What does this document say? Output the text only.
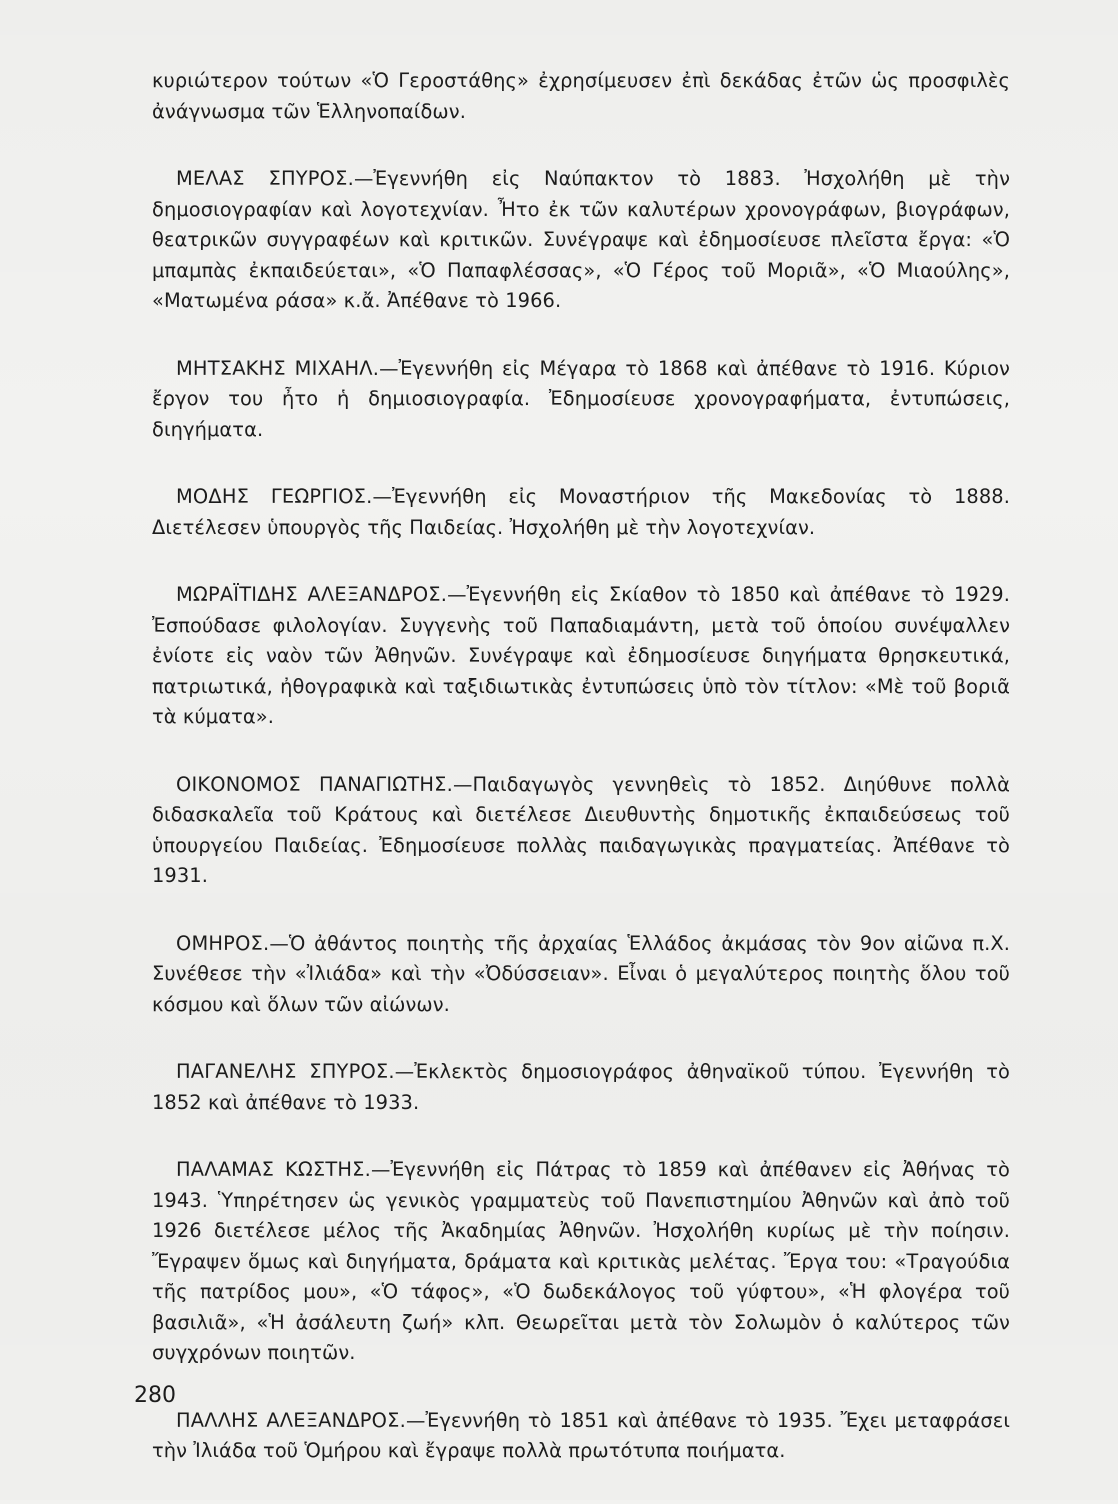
κυριώτερον τούτων «Ὁ Γεροστάθης» ἐχρησίμευσεν ἐπὶ δεκάδας ἐτῶν ὡς προσφιλὲς ἀνάγνωσμα τῶν Ἑλληνοπαίδων.

ΜΕΛΑΣ ΣΠΥΡΟΣ.—Ἐγεννήθη εἰς Ναύπακτον τὸ 1883. Ἠσχολήθη μὲ τὴν δημοσιογραφίαν καὶ λογοτεχνίαν. Ἦτο ἐκ τῶν καλυτέρων χρονογράφων, βιογράφων, θεατρικῶν συγγραφέων καὶ κριτικῶν. Συνέγραψε καὶ ἐδημοσίευσε πλεῖστα ἔργα: «Ὁ μπαμπὰς ἐκπαιδεύεται», «Ὁ Παπαφλέσσας», «Ὁ Γέρος τοῦ Μοριᾶ», «Ὁ Μιαούλης», «Ματωμένα ράσα» κ.ἄ. Ἀπέθανε τὸ 1966.

ΜΗΤΣΑΚΗΣ ΜΙΧΑΗΛ.—Ἐγεννήθη εἰς Μέγαρα τὸ 1868 καὶ ἀπέθανε τὸ 1916. Κύριον ἔργον του ἦτο ἡ δημιοσιογραφία. Ἐδημοσίευσε χρονογραφήματα, ἐντυπώσεις, διηγήματα.

ΜΟΔΗΣ ΓΕΩΡΓΙΟΣ.—Ἐγεννήθη εἰς Μοναστήριον τῆς Μακεδονίας τὸ 1888. Διετέλεσεν ὑπουργὸς τῆς Παιδείας. Ἠσχολήθη μὲ τὴν λογοτεχνίαν.

ΜΩΡΑΪΤΙΔΗΣ ΑΛΕΞΑΝΔΡΟΣ.—Ἐγεννήθη εἰς Σκίαθον τὸ 1850 καὶ ἀπέθανε τὸ 1929. Ἐσπούδασε φιλολογίαν. Συγγενὴς τοῦ Παπαδιαμάντη, μετὰ τοῦ ὁποίου συνέψαλλεν ἐνίοτε εἰς ναὸν τῶν Ἀθηνῶν. Συνέγραψε καὶ ἐδημοσίευσε διηγήματα θρησκευτικά, πατριωτικά, ἠθογραφικὰ καὶ ταξιδιωτικὰς ἐντυπώσεις ὑπὸ τὸν τίτλον: «Μὲ τοῦ βοριᾶ τὰ κύματα».

ΟΙΚΟΝΟΜΟΣ ΠΑΝΑΓΙΩΤΗΣ.—Παιδαγωγὸς γεννηθεὶς τὸ 1852. Διηύθυνε πολλὰ διδασκαλεῖα τοῦ Κράτους καὶ διετέλεσε Διευθυντὴς δημοτικῆς ἐκπαιδεύσεως τοῦ ὑπουργείου Παιδείας. Ἐδημοσίευσε πολλὰς παιδαγωγικὰς πραγματείας. Ἀπέθανε τὸ 1931.

ΟΜΗΡΟΣ.—Ὁ ἀθάντος ποιητὴς τῆς ἀρχαίας Ἑλλάδος ἀκμάσας τὸν 9ον αἰῶνα π.Χ. Συνέθεσε τὴν «Ἰλιάδα» καὶ τὴν «Ὀδύσσειαν». Εἶναι ὁ μεγαλύτερος ποιητὴς ὅλου τοῦ κόσμου καὶ ὅλων τῶν αἰώνων.

ΠΑΓΑΝΕΛΗΣ ΣΠΥΡΟΣ.—Ἐκλεκτὸς δημοσιογράφος ἀθηναϊκοῦ τύπου. Ἐγεννήθη τὸ 1852 καὶ ἀπέθανε τὸ 1933.

ΠΑΛΑΜΑΣ ΚΩΣΤΗΣ.—Ἐγεννήθη εἰς Πάτρας τὸ 1859 καὶ ἀπέθανεν εἰς Ἀθήνας τὸ 1943. Ὑπηρέτησεν ὡς γενικὸς γραμματεὺς τοῦ Πανεπιστημίου Ἀθηνῶν καὶ ἀπὸ τοῦ 1926 διετέλεσε μέλος τῆς Ἀκαδημίας Ἀθηνῶν. Ἠσχολήθη κυρίως μὲ τὴν ποίησιν. Ἔγραψεν ὅμως καὶ διηγήματα, δράματα καὶ κριτικὰς μελέτας. Ἔργα του: «Τραγούδια τῆς πατρίδος μου», «Ὁ τάφος», «Ὁ δωδεκάλογος τοῦ γύφτου», «Ἡ φλογέρα τοῦ βασιλιᾶ», «Ἡ ἀσάλευτη ζωή» κλπ. Θεωρεῖται μετὰ τὸν Σολωμὸν ὁ καλύτερος τῶν συγχρόνων ποιητῶν.

ΠΑΛΛΗΣ ΑΛΕΞΑΝΔΡΟΣ.—Ἐγεννήθη τὸ 1851 καὶ ἀπέθανε τὸ 1935. Ἔχει μεταφράσει τὴν Ἰλιάδα τοῦ Ὁμήρου καὶ ἔγραψε πολλὰ πρωτότυπα ποιήματα.

280
